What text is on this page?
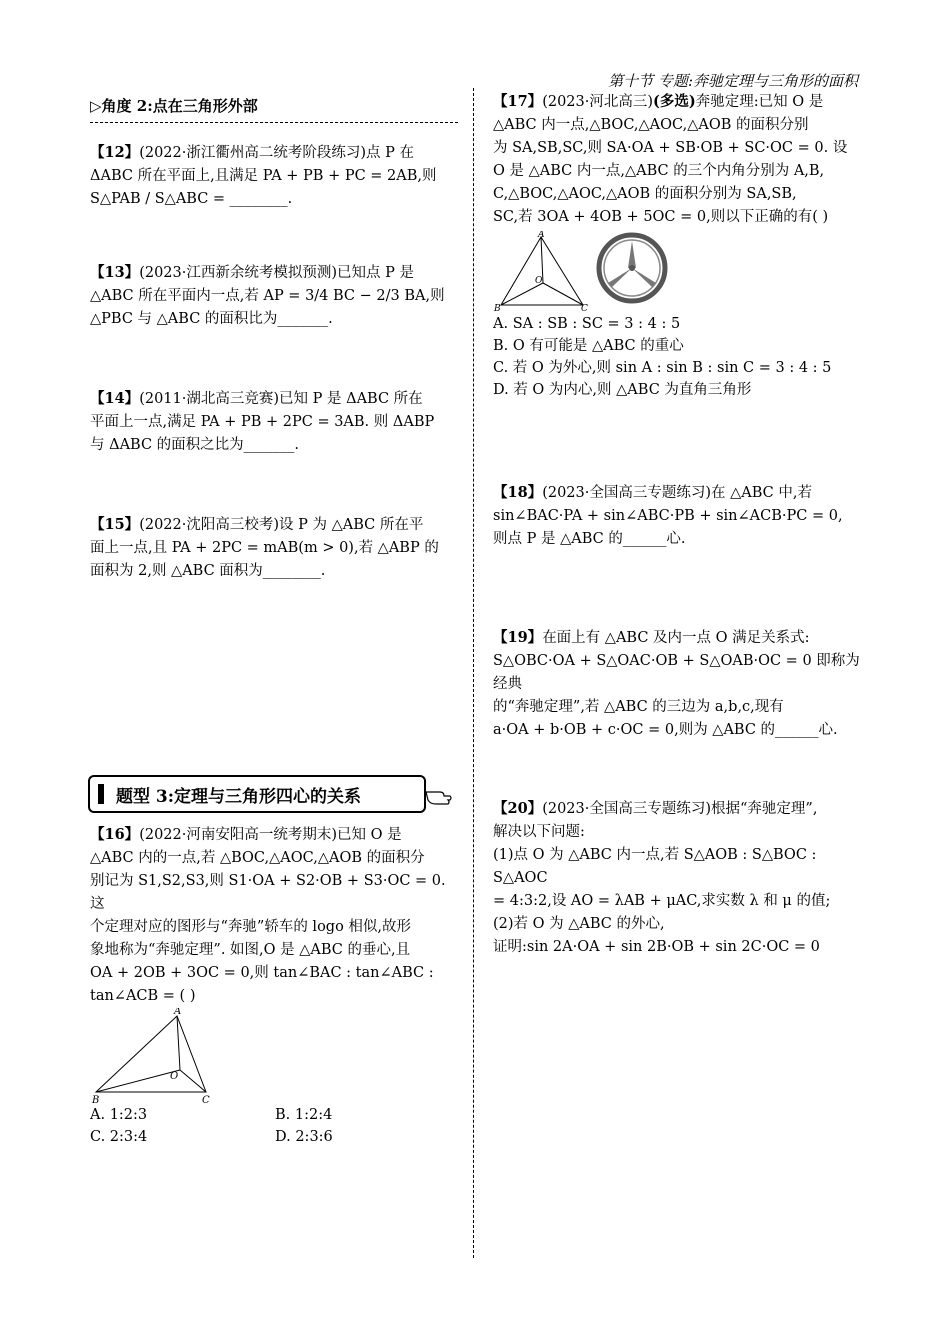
第十节 专题:奔驰定理与三角形的面积
▷角度 2:点在三角形外部

【12】(2022·浙江衢州高二统考阶段练习)点 P 在

ΔABC 所在平面上,且满足 PA + PB + PC = 2AB,则

S△PAB / S△ABC = ________.

【13】(2023·江西新余统考模拟预测)已知点 P 是

△ABC 所在平面内一点,若 AP = 3/4 BC − 2/3 BA,则

△PBC 与 △ABC 的面积比为_______.

【14】(2011·湖北高三竞赛)已知 P 是 ΔABC 所在

平面上一点,满足 PA + PB + 2PC = 3AB. 则 ΔABP

与 ΔABC 的面积之比为_______.

【15】(2022·沈阳高三校考)设 P 为 △ABC 所在平

面上一点,且 PA + 2PC = mAB(m > 0),若 △ABP 的

面积为 2,则 △ABC 面积为________.

题型 3:定理与三角形四心的关系

【16】(2022·河南安阳高一统考期末)已知 O 是

△ABC 内的一点,若 △BOC,△AOC,△AOB 的面积分

别记为 S1,S2,S3,则 S1·OA + S2·OB + S3·OC = 0. 这

个定理对应的图形与“奔驰”轿车的 logo 相似,故形

象地称为“奔驰定理”. 如图,O 是 △ABC 的垂心,且

OA + 2OB + 3OC = 0,则 tan∠BAC : tan∠ABC :

tan∠ACB = ( )

A
B	C
O
A. 1:2:3	B. 1:2:4
C. 2:3:4	D. 2:3:6

【17】(2023·河北高三)(多选)奔驰定理:已知 O 是

△ABC 内一点,△BOC,△AOC,△AOB 的面积分别

为 SA,SB,SC,则 SA·OA + SB·OB + SC·OC = 0. 设

O 是 △ABC 内一点,△ABC 的三个内角分别为 A,B,

C,△BOC,△AOC,△AOB 的面积分别为 SA,SB,

SC,若 3OA + 4OB + 5OC = 0,则以下正确的有( )

A
B	C
O
A. SA : SB : SC = 3 : 4 : 5
B. O 有可能是 △ABC 的重心
C. 若 O 为外心,则 sin A : sin B : sin C = 3 : 4 : 5
D. 若 O 为内心,则 △ABC 为直角三角形

【18】(2023·全国高三专题练习)在 △ABC 中,若

sin∠BAC·PA + sin∠ABC·PB + sin∠ACB·PC = 0,

则点 P 是 △ABC 的______心.

【19】在面上有 △ABC 及内一点 O 满足关系式:

S△OBC·OA + S△OAC·OB + S△OAB·OC = 0 即称为经典

的“奔驰定理”,若 △ABC 的三边为 a,b,c,现有

a·OA + b·OB + c·OC = 0,则为 △ABC 的______心.

【20】(2023·全国高三专题练习)根据“奔驰定理”,

解决以下问题:

(1)点 O 为 △ABC 内一点,若 S△AOB : S△BOC : S△AOC

= 4:3:2,设 AO = λAB + μAC,求实数 λ 和 μ 的值;

(2)若 O 为 △ABC 的外心,

证明:sin 2A·OA + sin 2B·OB + sin 2C·OC = 0
